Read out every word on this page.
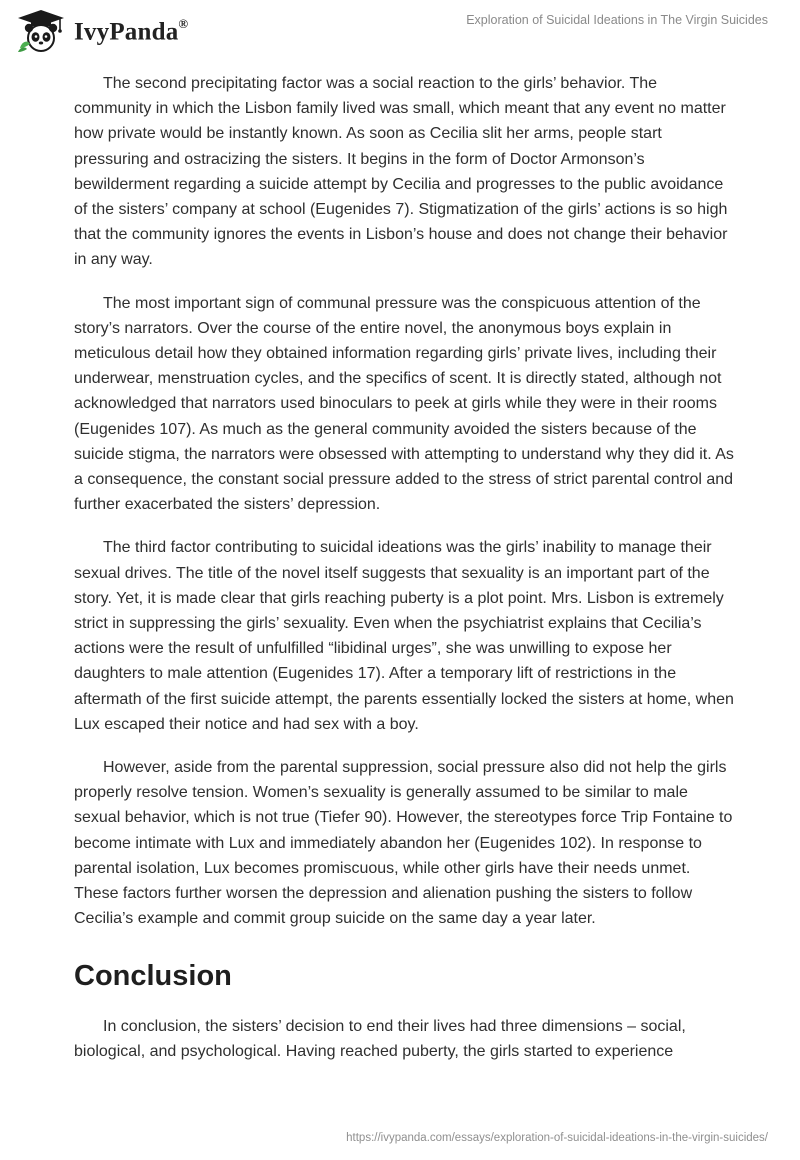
IvyPanda®	Exploration of Suicidal Ideations in The Virgin Suicides

The second precipitating factor was a social reaction to the girls’ behavior. The community in which the Lisbon family lived was small, which meant that any event no matter how private would be instantly known. As soon as Cecilia slit her arms, people start pressuring and ostracizing the sisters. It begins in the form of Doctor Armonson’s bewilderment regarding a suicide attempt by Cecilia and progresses to the public avoidance of the sisters’ company at school (Eugenides 7). Stigmatization of the girls’ actions is so high that the community ignores the events in Lisbon’s house and does not change their behavior in any way.

The most important sign of communal pressure was the conspicuous attention of the story’s narrators. Over the course of the entire novel, the anonymous boys explain in meticulous detail how they obtained information regarding girls’ private lives, including their underwear, menstruation cycles, and the specifics of scent. It is directly stated, although not acknowledged that narrators used binoculars to peek at girls while they were in their rooms (Eugenides 107). As much as the general community avoided the sisters because of the suicide stigma, the narrators were obsessed with attempting to understand why they did it. As a consequence, the constant social pressure added to the stress of strict parental control and further exacerbated the sisters’ depression.

The third factor contributing to suicidal ideations was the girls’ inability to manage their sexual drives. The title of the novel itself suggests that sexuality is an important part of the story. Yet, it is made clear that girls reaching puberty is a plot point. Mrs. Lisbon is extremely strict in suppressing the girls’ sexuality. Even when the psychiatrist explains that Cecilia’s actions were the result of unfulfilled “libidinal urges”, she was unwilling to expose her daughters to male attention (Eugenides 17). After a temporary lift of restrictions in the aftermath of the first suicide attempt, the parents essentially locked the sisters at home, when Lux escaped their notice and had sex with a boy.

However, aside from the parental suppression, social pressure also did not help the girls properly resolve tension. Women’s sexuality is generally assumed to be similar to male sexual behavior, which is not true (Tiefer 90). However, the stereotypes force Trip Fontaine to become intimate with Lux and immediately abandon her (Eugenides 102). In response to parental isolation, Lux becomes promiscuous, while other girls have their needs unmet. These factors further worsen the depression and alienation pushing the sisters to follow Cecilia’s example and commit group suicide on the same day a year later.

Conclusion

In conclusion, the sisters’ decision to end their lives had three dimensions – social, biological, and psychological. Having reached puberty, the girls started to experience

https://ivypanda.com/essays/exploration-of-suicidal-ideations-in-the-virgin-suicides/
